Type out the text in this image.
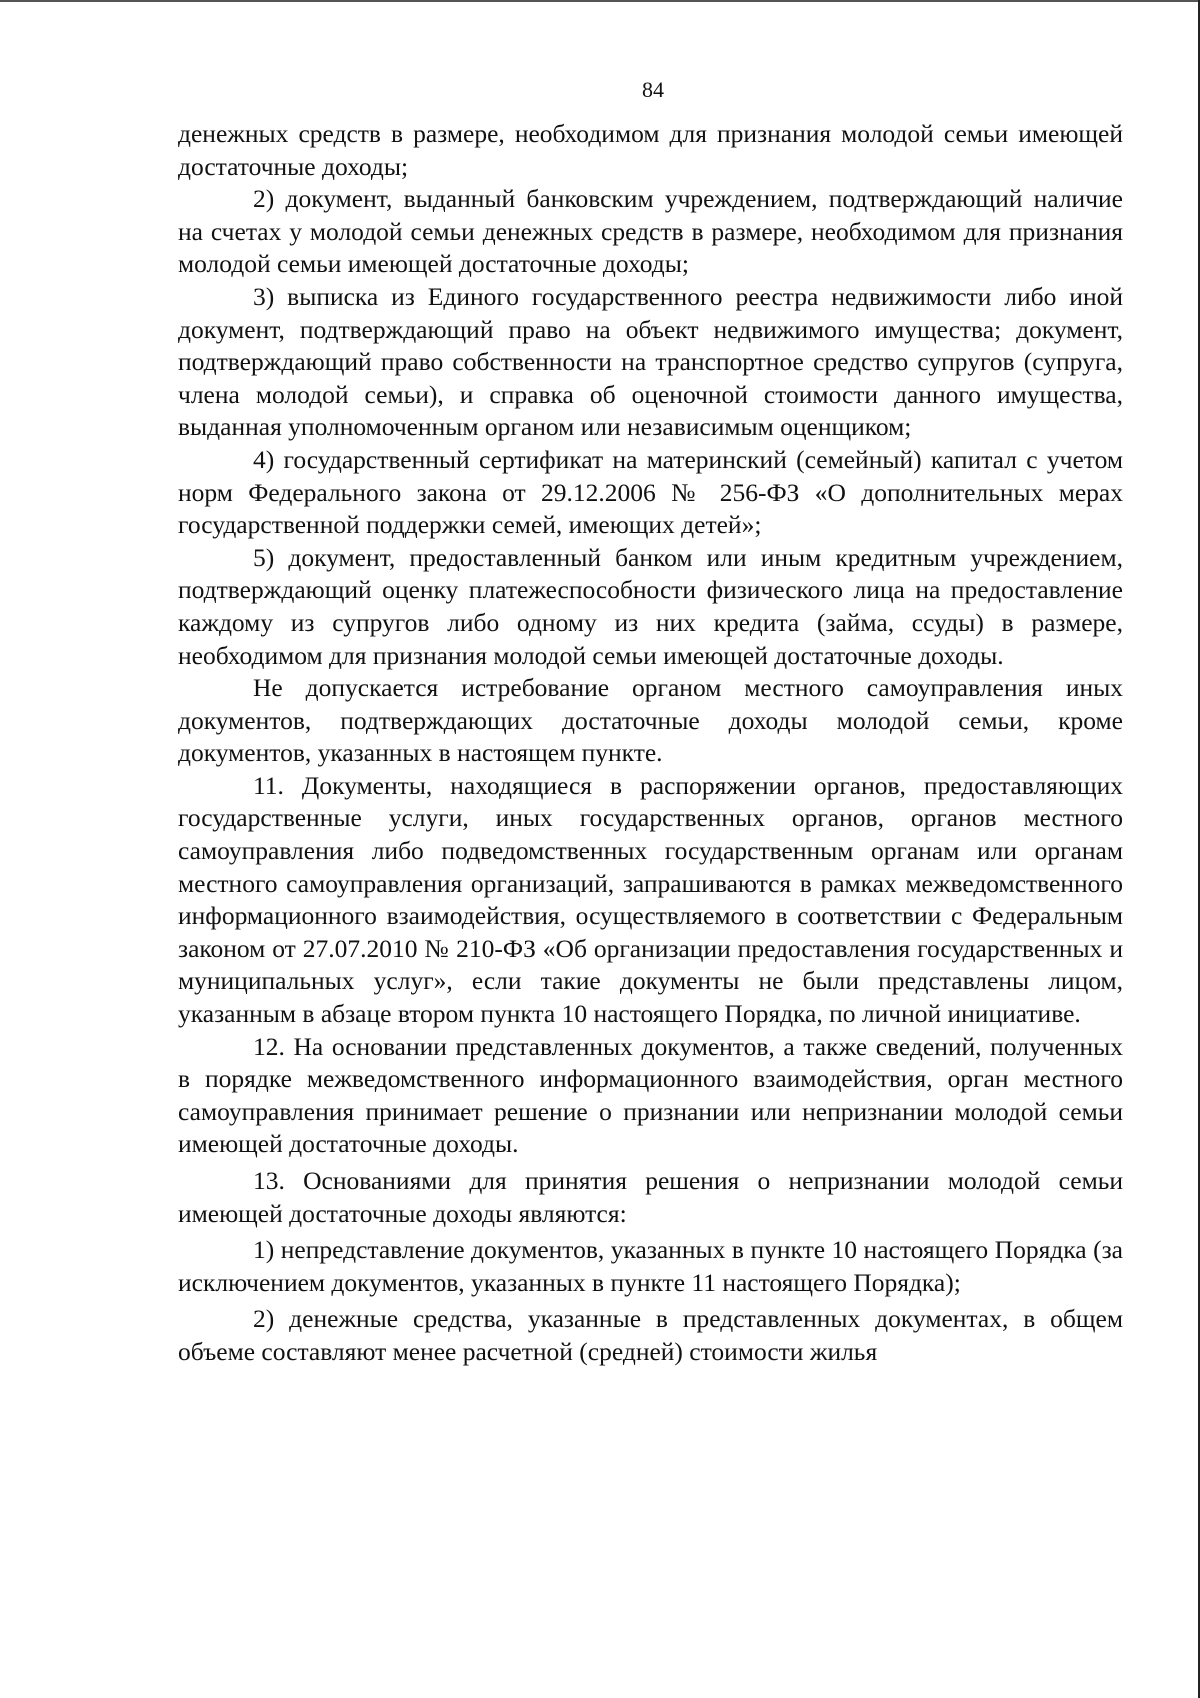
84

денежных средств в размере, необходимом для признания молодой семьи имеющей достаточные доходы;

2) документ, выданный банковским учреждением, подтверждающий наличие на счетах у молодой семьи денежных средств в размере, необходимом для признания молодой семьи имеющей достаточные доходы;

3) выписка из Единого государственного реестра недвижимости либо иной документ, подтверждающий право на объект недвижимого имущества; документ, подтверждающий право собственности на транспортное средство супругов (супруга, члена молодой семьи), и справка об оценочной стоимости данного имущества, выданная уполномоченным органом или независимым оценщиком;

4) государственный сертификат на материнский (семейный) капитал с учетом норм Федерального закона от 29.12.2006 № 256-ФЗ «О дополнительных мерах государственной поддержки семей, имеющих детей»;

5) документ, предоставленный банком или иным кредитным учреждением, подтверждающий оценку платежеспособности физического лица на предоставление каждому из супругов либо одному из них кредита (займа, ссуды) в размере, необходимом для признания молодой семьи имеющей достаточные доходы.

Не допускается истребование органом местного самоуправления иных документов, подтверждающих достаточные доходы молодой семьи, кроме документов, указанных в настоящем пункте.

11. Документы, находящиеся в распоряжении органов, предоставляющих государственные услуги, иных государственных органов, органов местного самоуправления либо подведомственных государственным органам или органам местного самоуправления организаций, запрашиваются в рамках межведомственного информационного взаимодействия, осуществляемого в соответствии с Федеральным законом от 27.07.2010 № 210-ФЗ «Об организации предоставления государственных и муниципальных услуг», если такие документы не были представлены лицом, указанным в абзаце втором пункта 10 настоящего Порядка, по личной инициативе.

12. На основании представленных документов, а также сведений, полученных в порядке межведомственного информационного взаимодействия, орган местного самоуправления принимает решение о признании или непризнании молодой семьи имеющей достаточные доходы.

13. Основаниями для принятия решения о непризнании молодой семьи имеющей достаточные доходы являются:

1) непредставление документов, указанных в пункте 10 настоящего Порядка (за исключением документов, указанных в пункте 11 настоящего Порядка);

2) денежные средства, указанные в представленных документах, в общем объеме составляют менее расчетной (средней) стоимости жилья
